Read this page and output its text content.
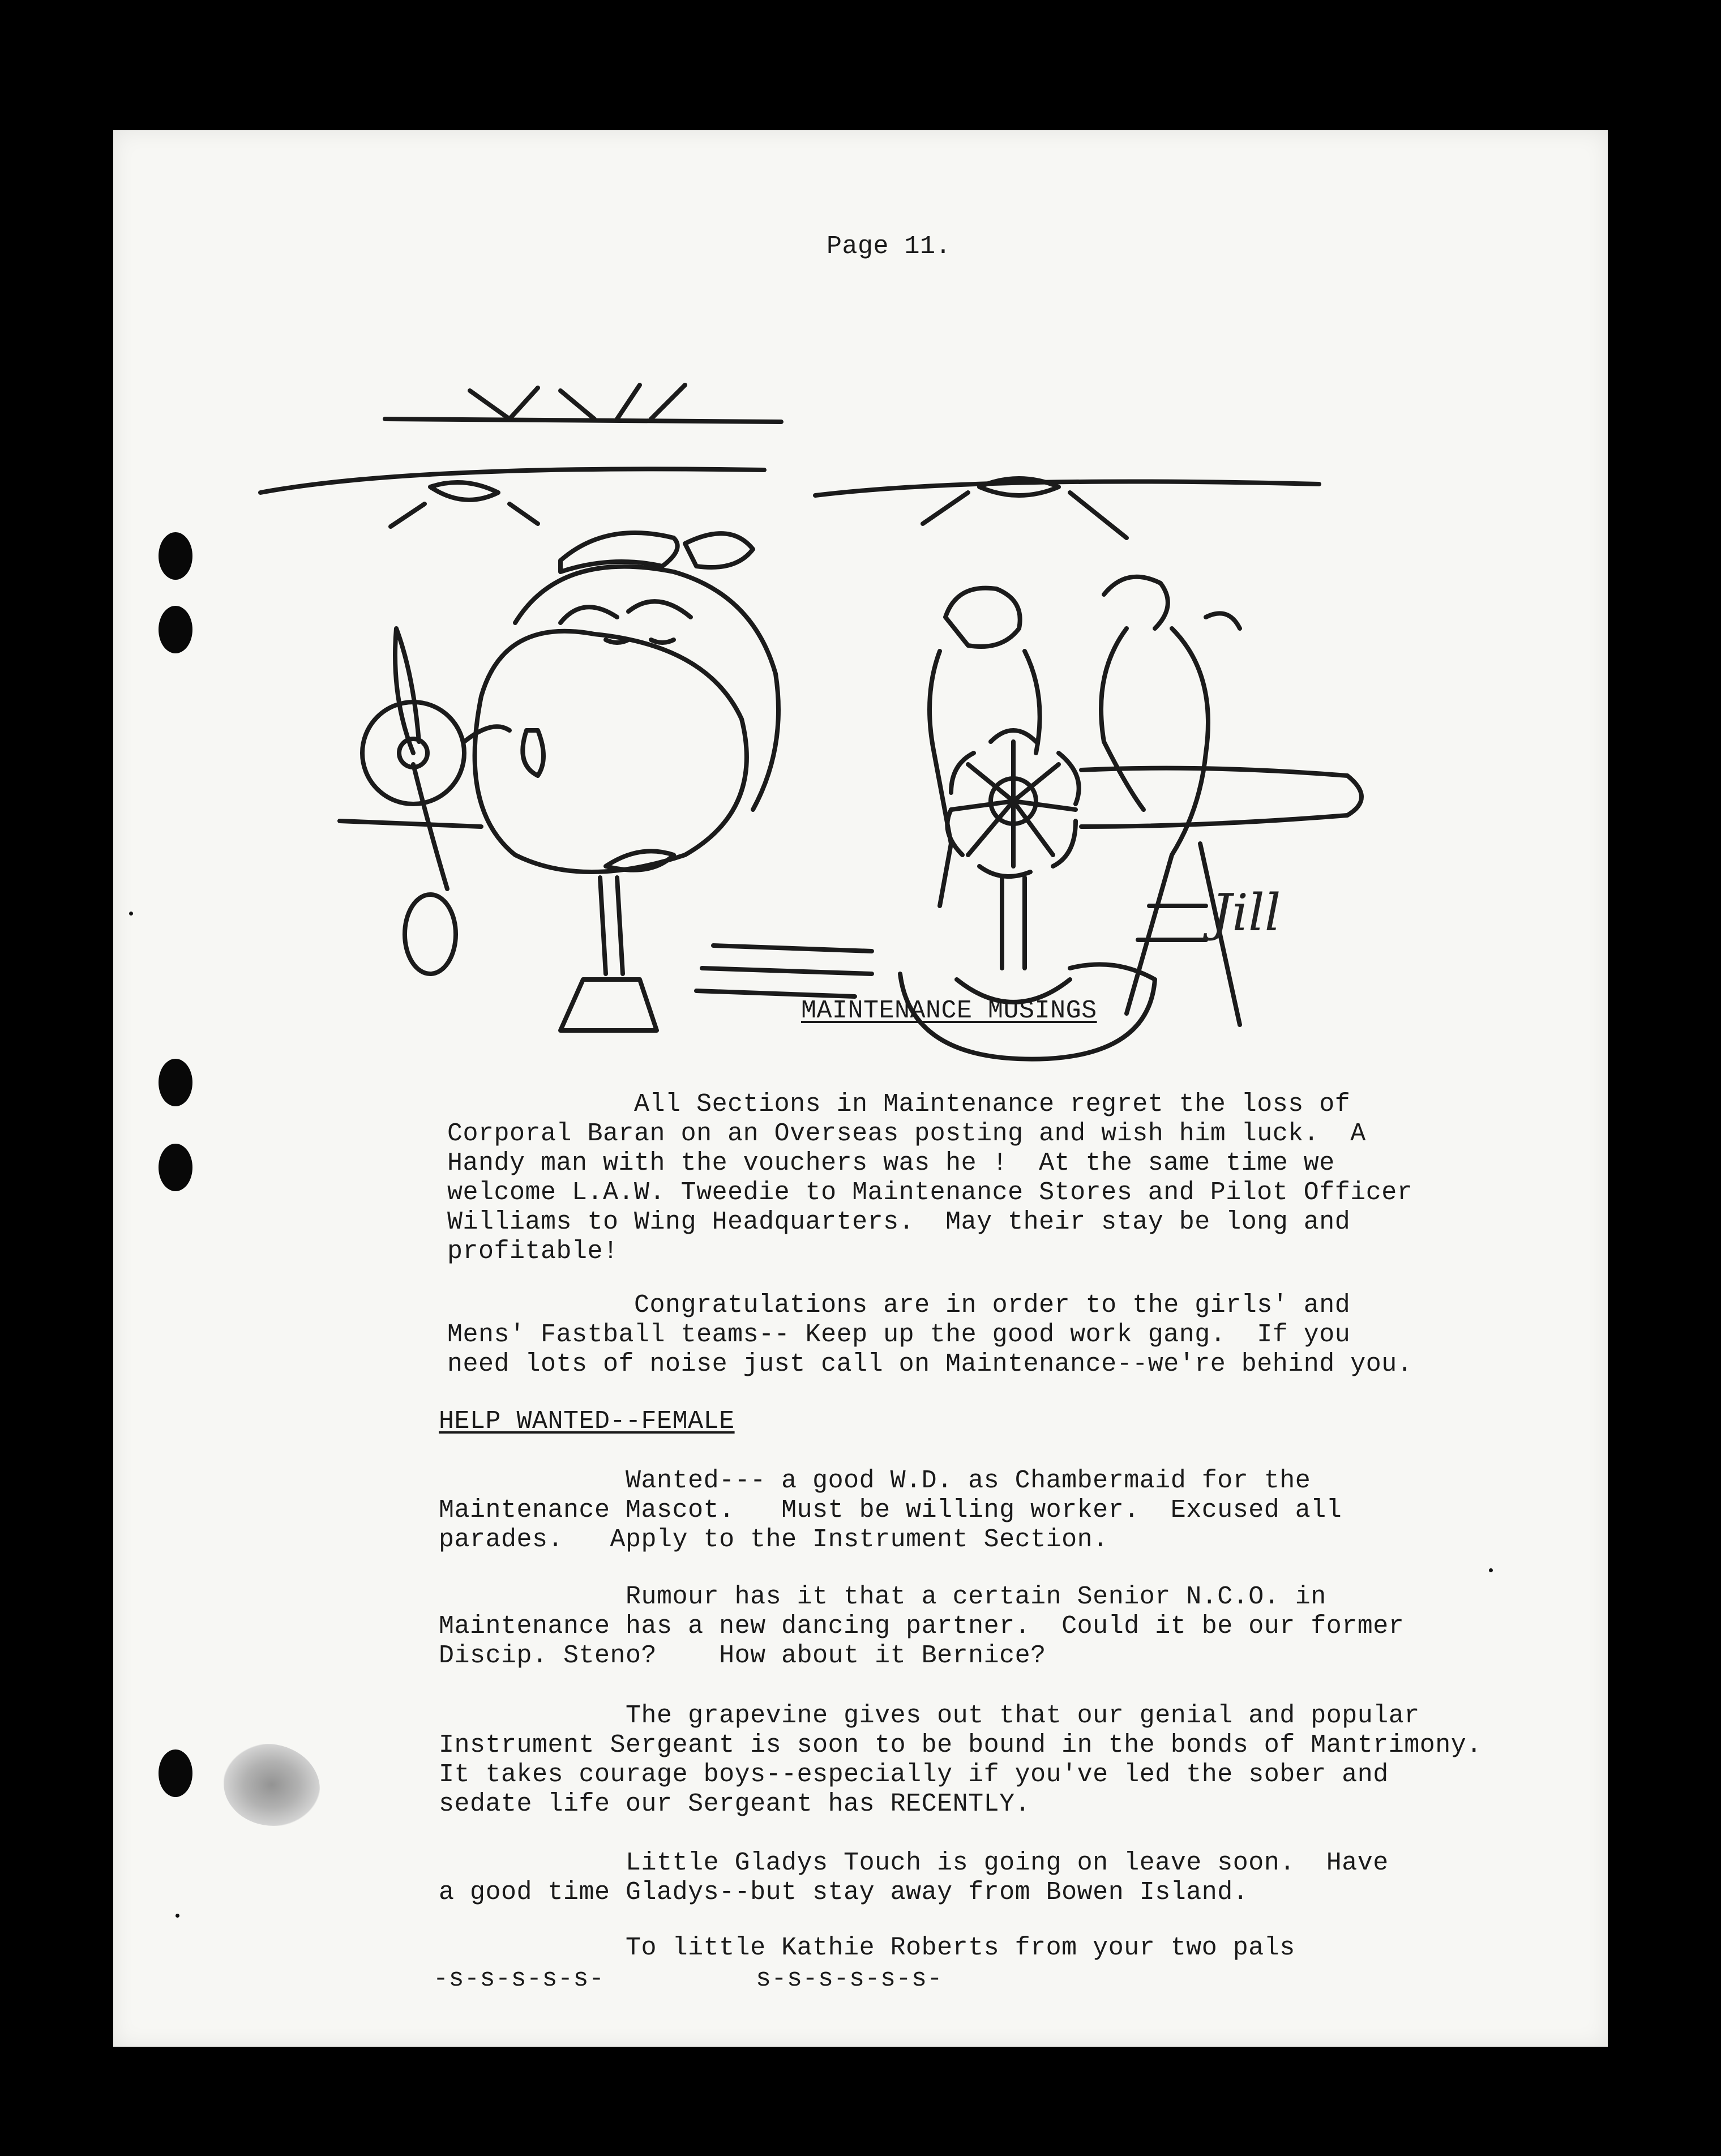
Page 11.
Jill
MAINTENANCE MUSINGS
All Sections in Maintenance regret the loss of
Corporal Baran on an Overseas posting and wish him luck.  A
Handy man with the vouchers was he !  At the same time we
welcome L.A.W. Tweedie to Maintenance Stores and Pilot Officer
Williams to Wing Headquarters.  May their stay be long and
profitable!
Congratulations are in order to the girls' and
Mens' Fastball teams-- Keep up the good work gang.  If you
need lots of noise just call on Maintenance--we're behind you.
HELP WANTED--FEMALE
Wanted--- a good W.D. as Chambermaid for the
Maintenance Mascot.   Must be willing worker.  Excused all
parades.   Apply to the Instrument Section.
Rumour has it that a certain Senior N.C.O. in
Maintenance has a new dancing partner.  Could it be our former
Discip. Steno?    How about it Bernice?
The grapevine gives out that our genial and popular
Instrument Sergeant is soon to be bound in the bonds of Mantrimony.
It takes courage boys--especially if you've led the sober and
sedate life our Sergeant has RECENTLY.
Little Gladys Touch is going on leave soon.  Have
a good time Gladys--but stay away from Bowen Island.
To little Kathie Roberts from your two pals
-s-s-s-s-s-	s-s-s-s-s-s-
